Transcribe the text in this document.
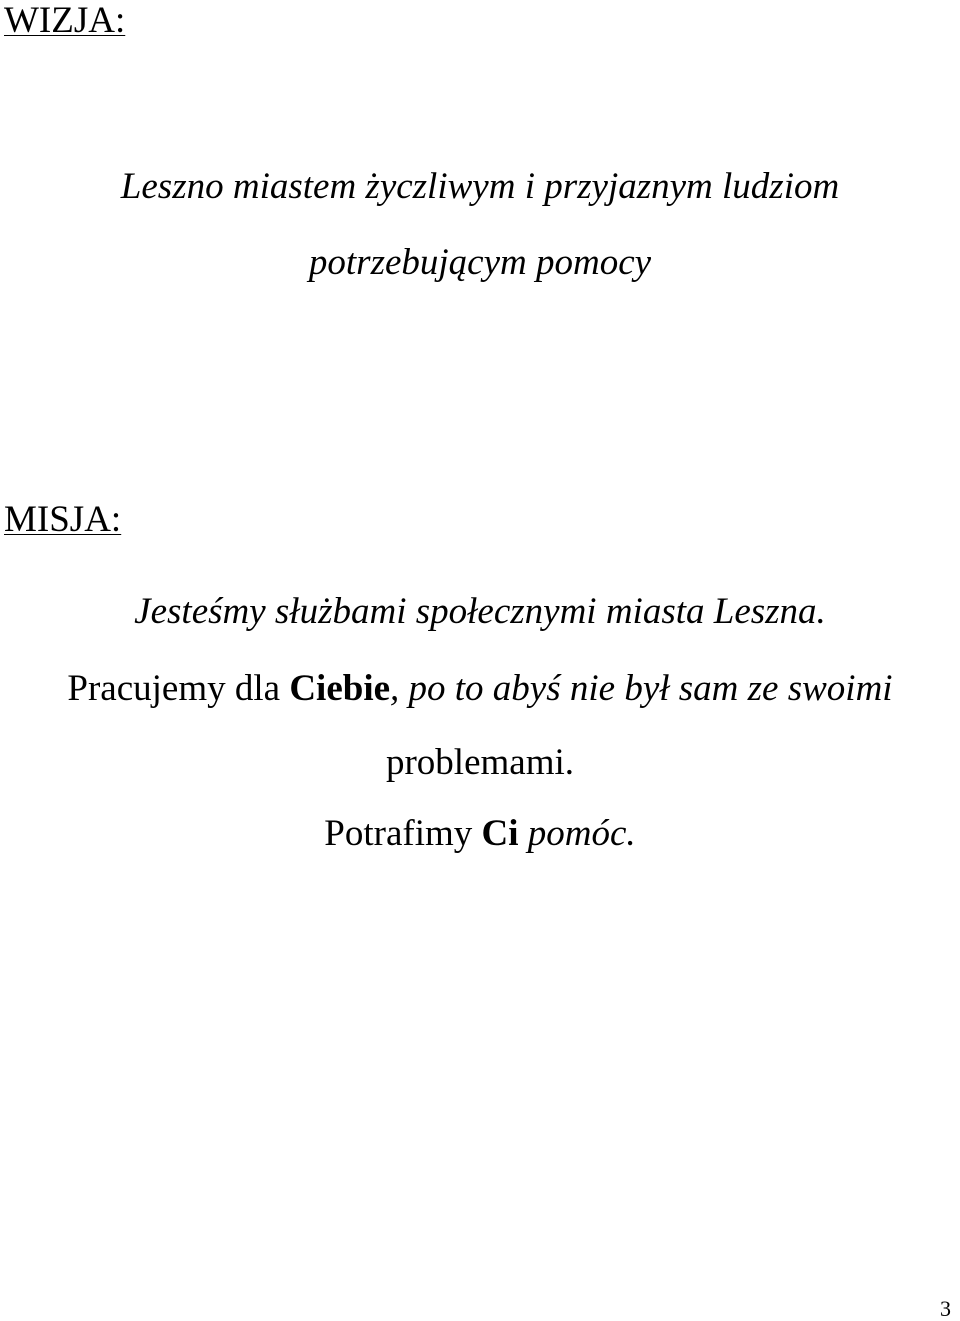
WIZJA:

Leszno miastem życzliwym i przyjaznym ludziom

potrzebującym pomocy

MISJA:

Jesteśmy służbami społecznymi miasta Leszna.

Pracujemy dla Ciebie, po to abyś nie był sam ze swoimi

problemami.

Potrafimy Ci pomóc.

3
